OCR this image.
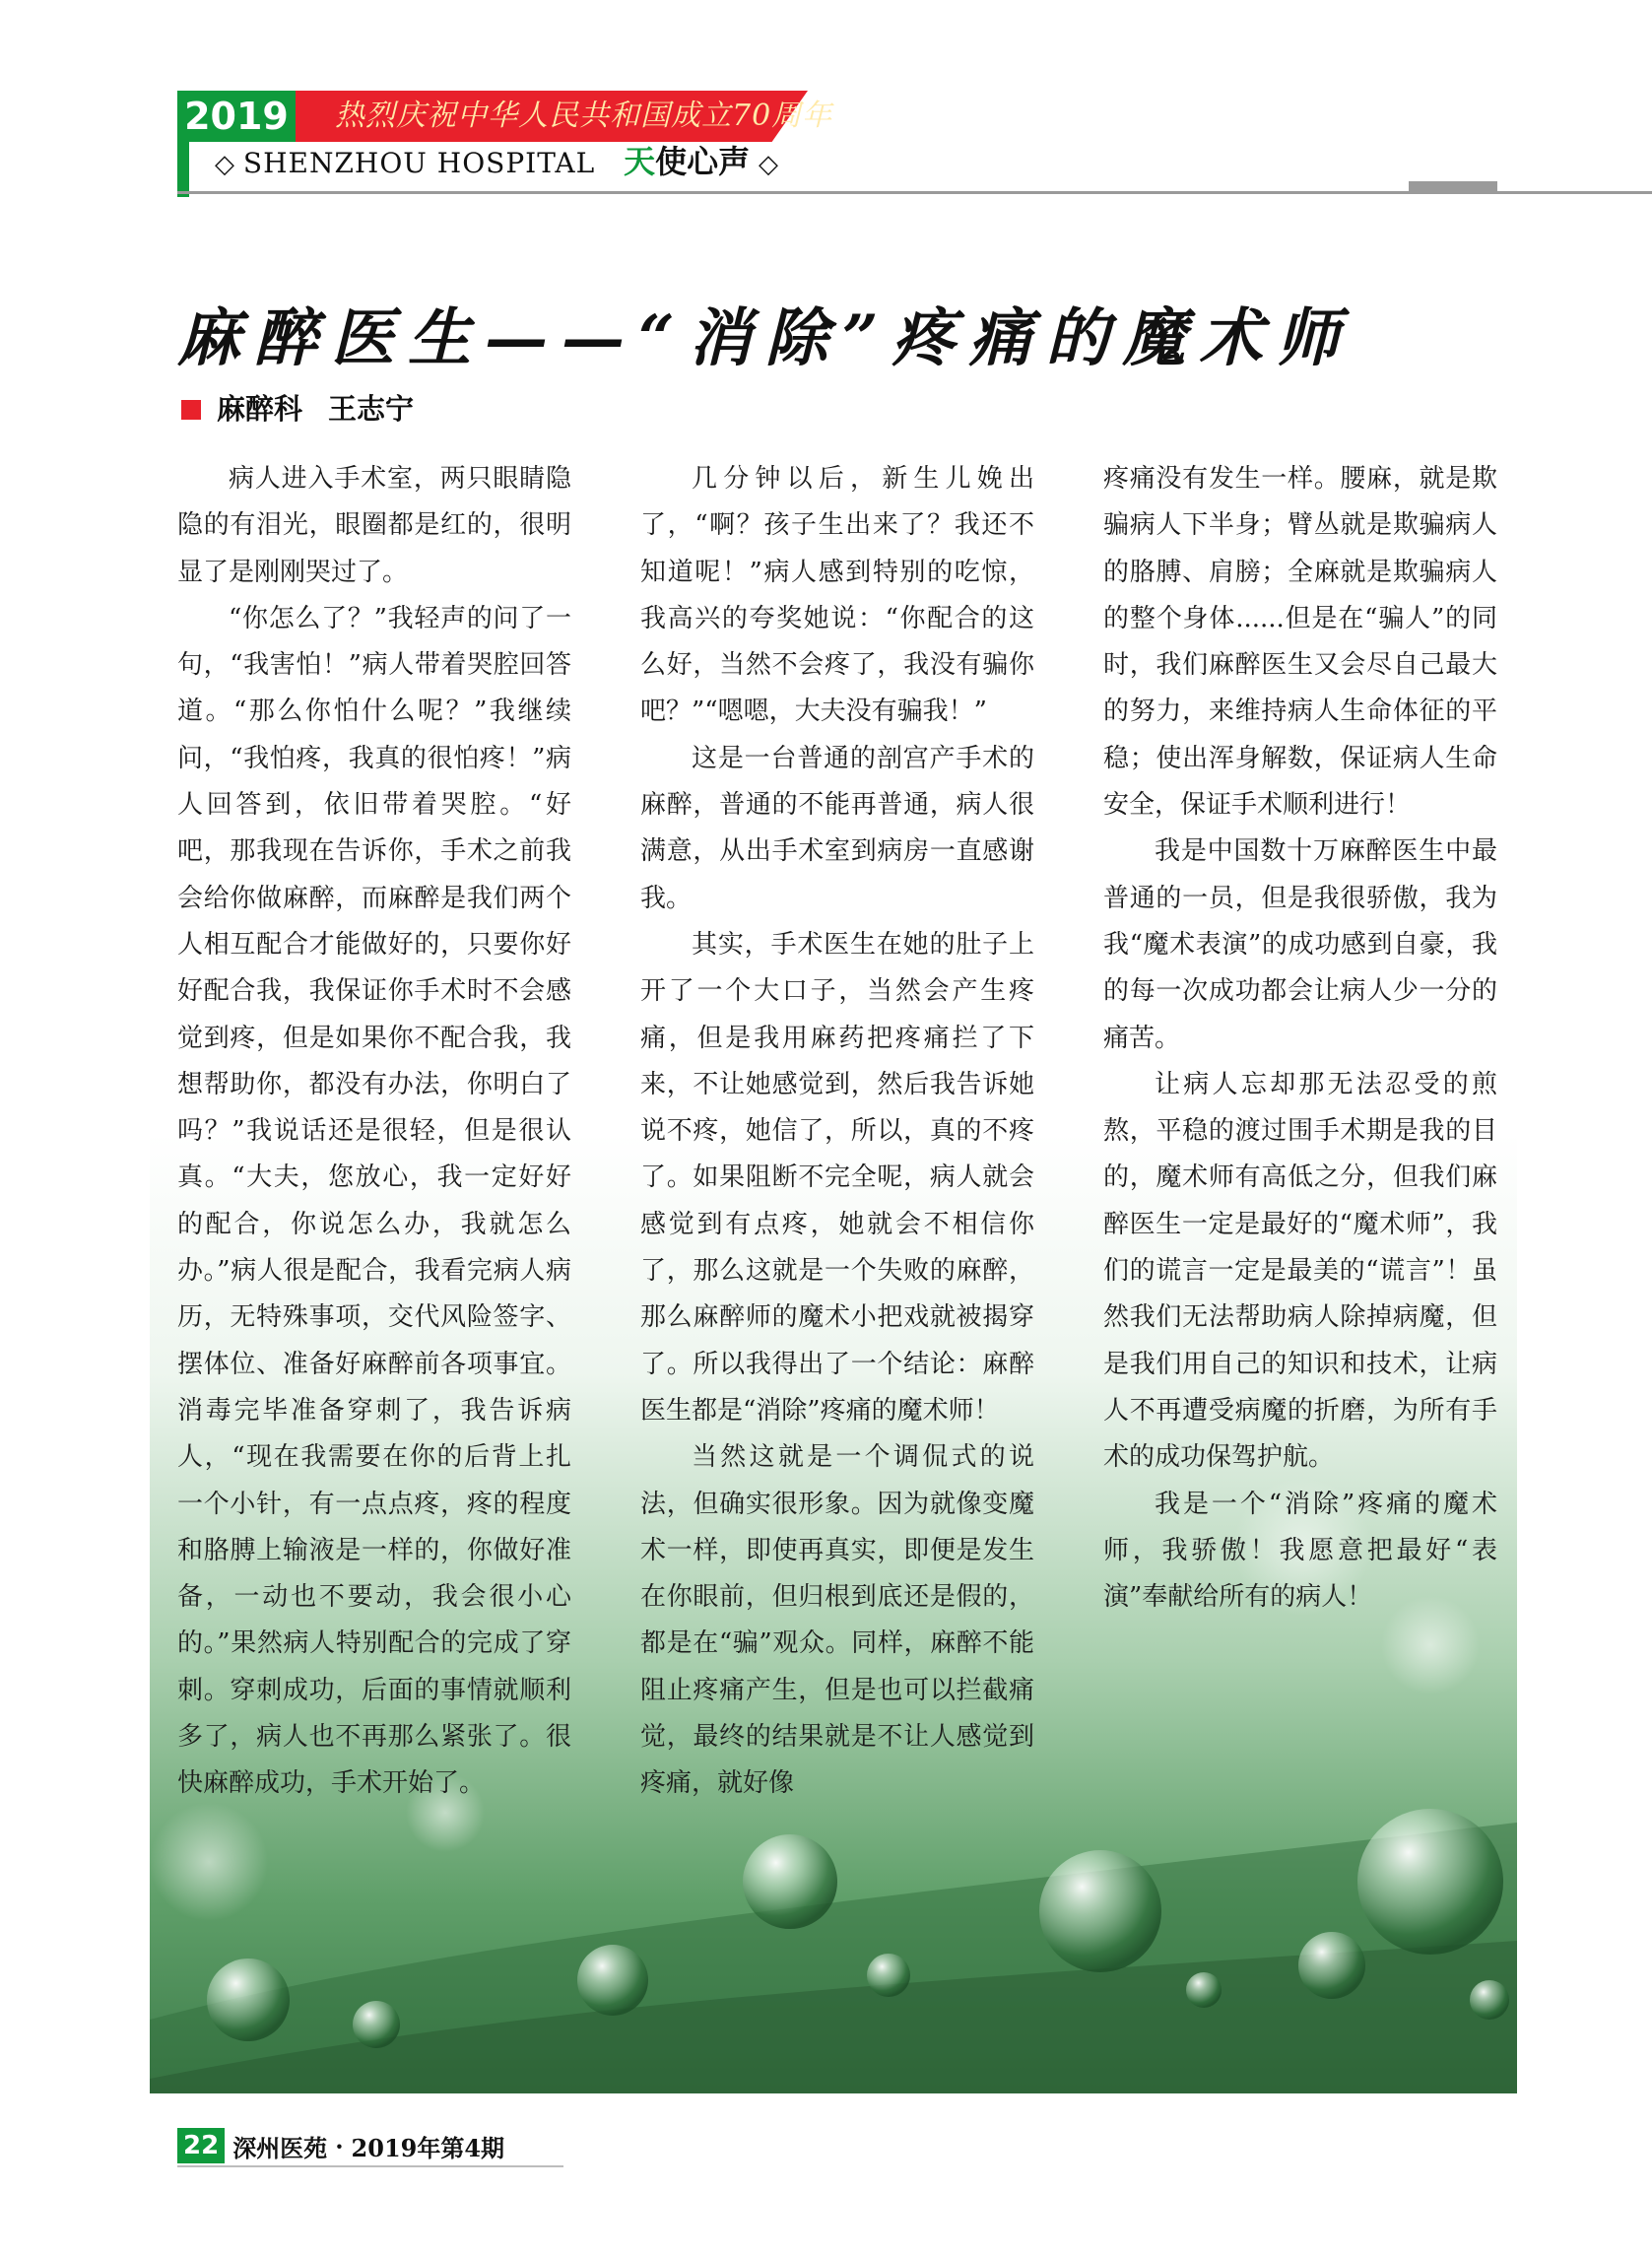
2019 热烈庆祝中华人民共和国成立70周年
◇ SHENZHOU HOSPITAL 天使心声 ◇
麻醉医生——“消除”疼痛的魔术师
麻醉科 王志宁

病人进入手术室，两只眼睛隐隐的有泪光，眼圈都是红的，很明显了是刚刚哭过了。

“你怎么了？”我轻声的问了一句，“我害怕！”病人带着哭腔回答道。“那么你怕什么呢？”我继续问，“我怕疼，我真的很怕疼！”病人回答到，依旧带着哭腔。“好吧，那我现在告诉你，手术之前我会给你做麻醉，而麻醉是我们两个人相互配合才能做好的，只要你好好配合我，我保证你手术时不会感觉到疼，但是如果你不配合我，我想帮助你，都没有办法，你明白了吗？”我说话还是很轻，但是很认真。“大夫，您放心，我一定好好的配合，你说怎么办，我就怎么办。”病人很是配合，我看完病人病历，无特殊事项，交代风险签字、摆体位、准备好麻醉前各项事宜。消毒完毕准备穿刺了，我告诉病人，“现在我需要在你的后背上扎一个小针，有一点点疼，疼的程度和胳膊上输液是一样的，你做好准备，一动也不要动，我会很小心的。”果然病人特别配合的完成了穿刺。穿刺成功，后面的事情就顺利多了，病人也不再那么紧张了。很快麻醉成功，手术开始了。

几分钟以后，新生儿娩出了，“啊？孩子生出来了？我还不知道呢！”病人感到特别的吃惊，我高兴的夸奖她说：“你配合的这么好，当然不会疼了，我没有骗你吧？”“嗯嗯，大夫没有骗我！”

这是一台普通的剖宫产手术的麻醉，普通的不能再普通，病人很满意，从出手术室到病房一直感谢我。

其实，手术医生在她的肚子上开了一个大口子，当然会产生疼痛，但是我用麻药把疼痛拦了下来，不让她感觉到，然后我告诉她说不疼，她信了，所以，真的不疼了。如果阻断不完全呢，病人就会感觉到有点疼，她就会不相信你了，那么这就是一个失败的麻醉，那么麻醉师的魔术小把戏就被揭穿了。所以我得出了一个结论：麻醉医生都是“消除”疼痛的魔术师！

当然这就是一个调侃式的说法，但确实很形象。因为就像变魔术一样，即使再真实，即便是发生在你眼前，但归根到底还是假的，都是在“骗”观众。同样，麻醉不能阻止疼痛产生，但是也可以拦截痛觉，最终的结果就是不让人感觉到疼痛，就好像

疼痛没有发生一样。腰麻，就是欺骗病人下半身；臂丛就是欺骗病人的胳膊、肩膀；全麻就是欺骗病人的整个身体......但是在“骗人”的同时，我们麻醉医生又会尽自己最大的努力，来维持病人生命体征的平稳；使出浑身解数，保证病人生命安全，保证手术顺利进行！

我是中国数十万麻醉医生中最普通的一员，但是我很骄傲，我为我“魔术表演”的成功感到自豪，我的每一次成功都会让病人少一分的痛苦。

让病人忘却那无法忍受的煎熬，平稳的渡过围手术期是我的目的，魔术师有高低之分，但我们麻醉医生一定是最好的“魔术师”，我们的谎言一定是最美的“谎言”！虽然我们无法帮助病人除掉病魔，但是我们用自己的知识和技术，让病人不再遭受病魔的折磨，为所有手术的成功保驾护航。

我是一个“消除”疼痛的魔术师，我骄傲！我愿意把最好“表演”奉献给所有的病人！

22 深州医苑 · 2019年第4期
